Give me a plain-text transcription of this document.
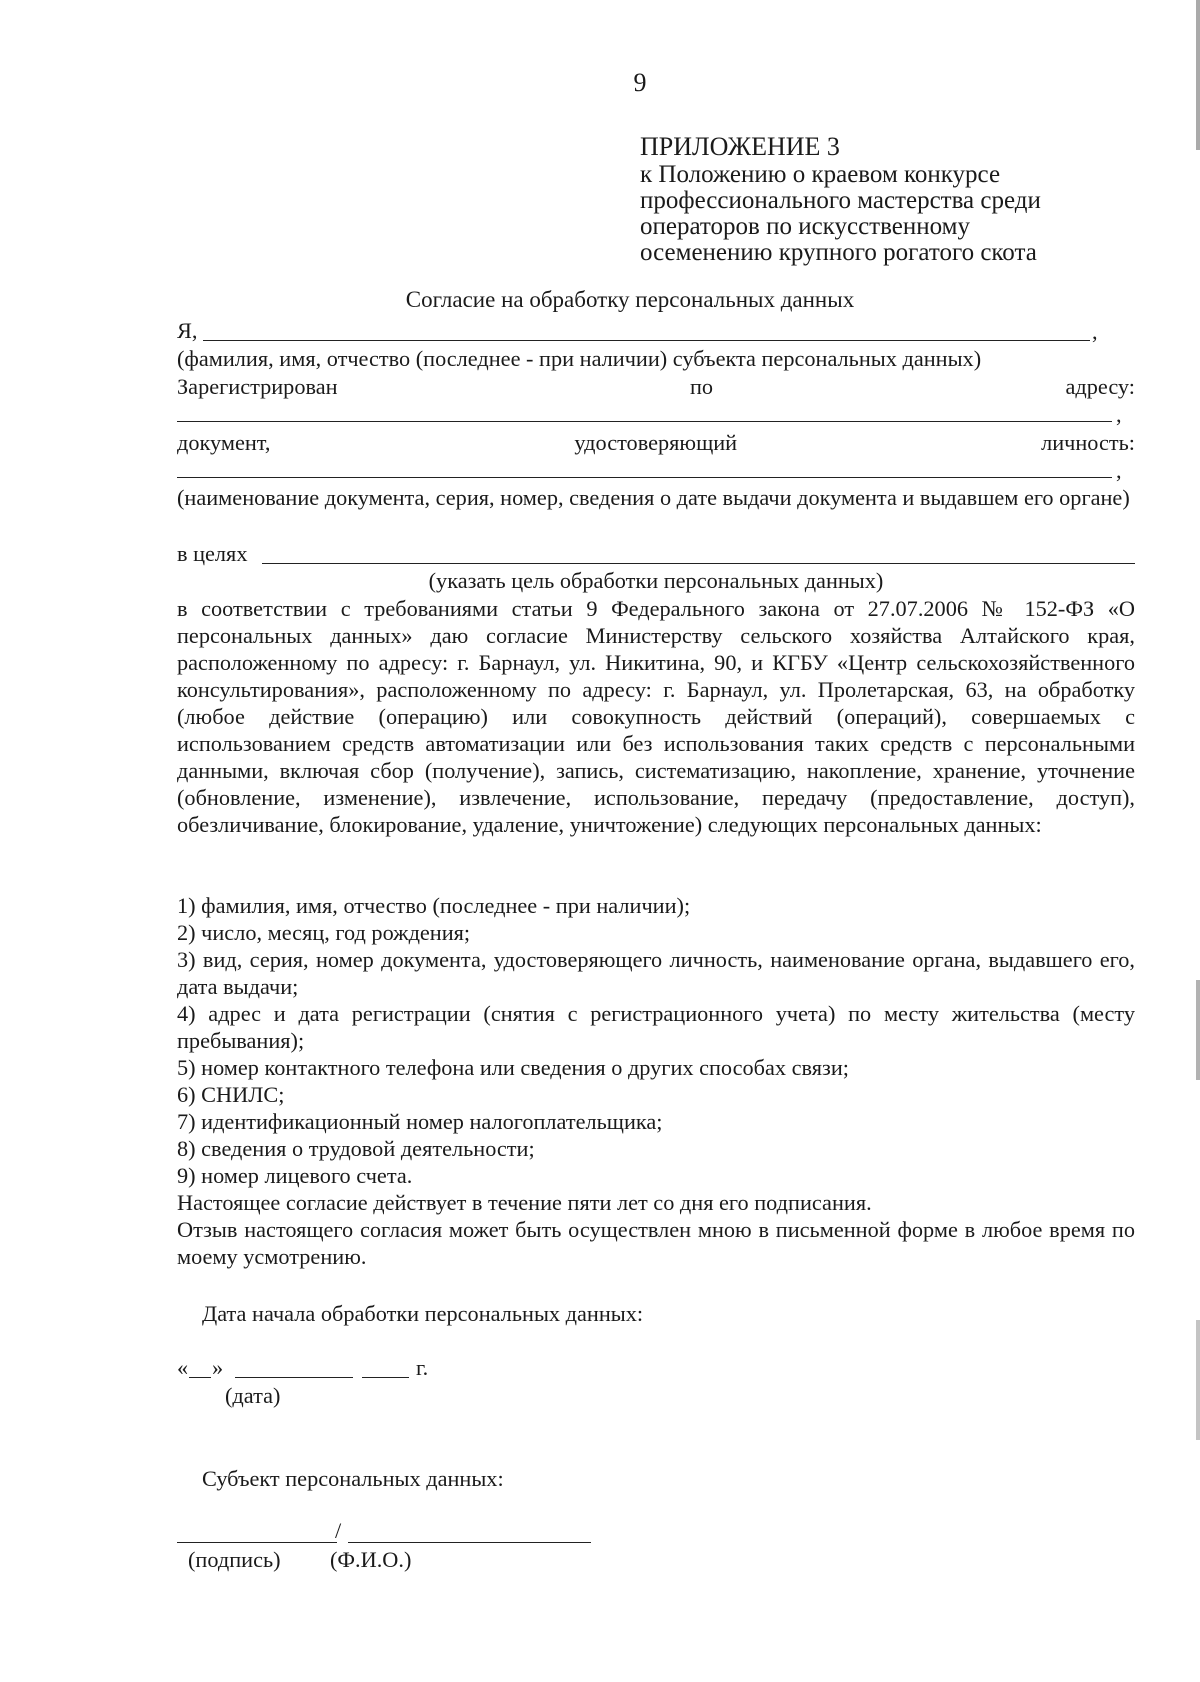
9
ПРИЛОЖЕНИЕ 3
к Положению о краевом конкурсе
профессионального мастерства среди
операторов по искусственному
осеменению крупного рогатого скота
Согласие на обработку персональных данных
Я,	,
(фамилия, имя, отчество (последнее - при наличии) субъекта персональных данных)
Зарегистрирован	по	адресу:
,
документ,	удостоверяющий	личность:
,
(наименование документа, серия, номер, сведения о дате выдачи документа и выдавшем его органе)
в целях
(указать цель обработки персональных данных)
в соответствии с требованиями статьи 9 Федерального закона от 27.07.2006 № 152-ФЗ «О персональных данных» даю согласие Министерству сельского хозяйства Алтайского края, расположенному по адресу: г. Барнаул, ул. Никитина, 90, и КГБУ «Центр сельскохозяйственного консультирования», расположенному по адресу: г. Барнаул, ул. Пролетарская, 63, на обработку (любое действие (операцию) или совокупность действий (операций), совершаемых с использованием средств автоматизации или без использования таких средств с персональными данными, включая сбор (получение), запись, систематизацию, накопление, хранение, уточнение (обновление, изменение), извлечение, использование, передачу (предоставление, доступ), обезличивание, блокирование, удаление, уничтожение) следующих персональных данных:
1) фамилия, имя, отчество (последнее - при наличии);
2) число, месяц, год рождения;
3) вид, серия, номер документа, удостоверяющего личность, наименование органа, выдавшего его, дата выдачи;
4) адрес и дата регистрации (снятия с регистрационного учета) по месту жительства (месту пребывания);
5) номер контактного телефона или сведения о других способах связи;
6) СНИЛС;
7) идентификационный номер налогоплательщика;
8) сведения о трудовой деятельности;
9) номер лицевого счета.
Настоящее согласие действует в течение пяти лет со дня его подписания.
Отзыв настоящего согласия может быть осуществлен мною в письменной форме в любое время по моему усмотрению.
Дата начала обработки персональных данных:
« »	г.
(дата)
Субъект персональных данных:
/
(подпись) (Ф.И.О.)
